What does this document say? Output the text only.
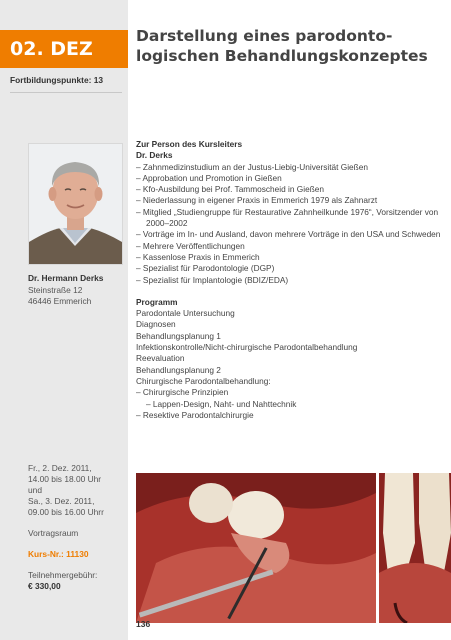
02. DEZ
Fortbildungspunkte: 13
Dr. Hermann Derks
Steinstraße 12
46446 Emmerich
Fr., 2. Dez. 2011,
14.00 bis 18.00 Uhr
und
Sa., 3. Dez. 2011,
09.00 bis 16.00 Uhrr
Vortragsraum
Kurs-Nr.: 11130
Teilnehmergebühr:
€ 330,00
Darstellung eines parodonto-
logischen Behandlungskonzeptes
Zur Person des Kursleiters
Dr. Derks
– Zahnmedizinstudium an der Justus-Liebig-Universität Gießen
– Approbation und Promotion in Gießen
– Kfo-Ausbildung bei Prof. Tammoscheid in Gießen
– Niederlassung in eigener Praxis in Emmerich 1979 als Zahnarzt
– Mitglied „Studiengruppe für Restaurative Zahnheilkunde 1976“, Vorsitzender von 2000–2002
– Vorträge im In- und Ausland, davon mehrere Vorträge in den USA und Schweden
– Mehrere Veröffentlichungen
– Kassenlose Praxis in Emmerich
– Spezialist für Parodontologie (DGP)
– Spezialist für Implantologie (BDIZ/EDA)
Programm
Parodontale Untersuchung
Diagnosen
Behandlungsplanung 1
Infektionskontrolle/Nicht-chirurgische Parodontalbehandlung
Reevaluation
Behandlungsplanung 2
Chirurgische Parodontalbehandlung:
– Chirurgische Prinzipien
– Lappen-Design, Naht- und Nahttechnik
– Resektive Parodontalchirurgie
136
